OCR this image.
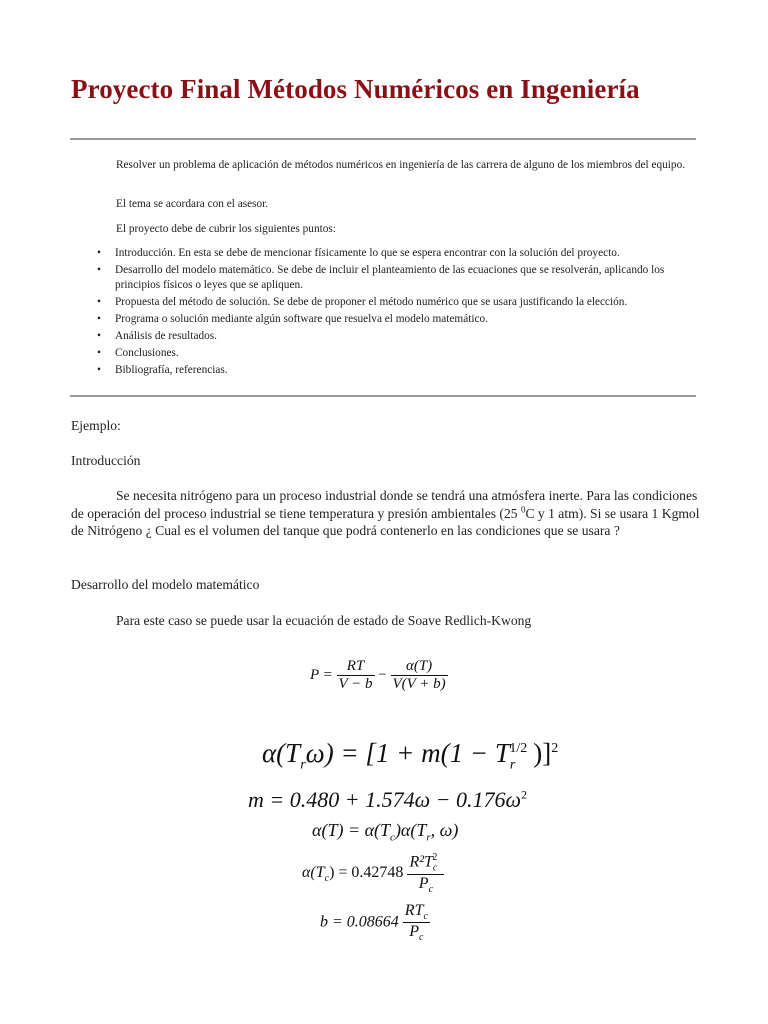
Proyecto Final Métodos Numéricos en Ingeniería

Resolver un problema de aplicación de métodos numéricos en ingeniería de las carrera de alguno de los miembros del equipo.

El tema se acordara con el asesor.

El proyecto debe de cubrir los siguientes puntos:

• Introducción. En esta se debe de mencionar físicamente lo que se espera encontrar con la solución del proyecto.
• Desarrollo del modelo matemático. Se debe de incluir el planteamiento de las ecuaciones que se resolverán, aplicando los principios físicos o leyes que se apliquen.
• Propuesta del método de solución. Se debe de proponer el método numérico que se usara justificando la elección.
• Programa o solución mediante algún software que resuelva el modelo matemático.
• Análisis de resultados.
• Conclusiones.
• Bibliografía, referencias.

Ejemplo:

Introducción

Se necesita nitrógeno para un proceso industrial donde se tendrá una atmósfera inerte. Para las condiciones de operación del proceso industrial se tiene temperatura y presión ambientales (25 $^0$C y 1 atm). Si se usara 1 Kgmol de Nitrógeno ¿ Cual es el volumen del tanque que podrá contenerlo en las condiciones que se usara ?

Desarrollo del modelo matemático

Para este caso se puede usar la ecuación de estado de Soave Redlich-Kwong

$P = \frac{RT}{V - b} - \frac{\alpha(T)}{V(V + b)}$
$\alpha(T_r\omega) = [1 + m(1 - T_r^{1/2}$ )]$^2$
$m = 0.480 + 1.574\omega - 0.176\omega^2$
$\alpha(T) = \alpha(T_c)\alpha(T_r$, ω)
$\alpha(T_c) = 0.42748 \frac{R^2T_c^2}{P_c}$
$b = 0.08664 \frac{RT_c}{P_c}$
